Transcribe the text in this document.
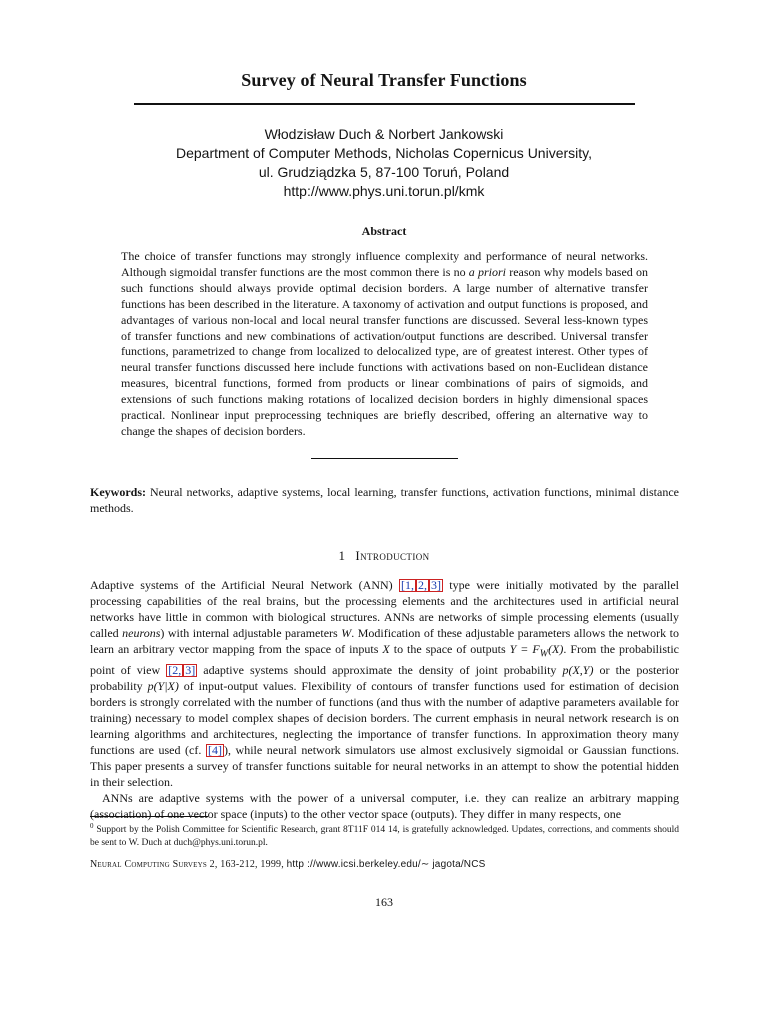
Survey of Neural Transfer Functions
Włodzisław Duch & Norbert Jankowski
Department of Computer Methods, Nicholas Copernicus University,
ul. Grudziądzka 5, 87-100 Toruń, Poland
http://www.phys.uni.torun.pl/kmk
Abstract

The choice of transfer functions may strongly influence complexity and performance of neural networks. Although sigmoidal transfer functions are the most common there is no a priori reason why models based on such functions should always provide optimal decision borders. A large number of alternative transfer functions has been described in the literature. A taxonomy of activation and output functions is proposed, and advantages of various non-local and local neural transfer functions are discussed. Several less-known types of transfer functions and new combinations of activation/output functions are described. Universal transfer functions, parametrized to change from localized to delocalized type, are of greatest interest. Other types of neural transfer functions discussed here include functions with activations based on non-Euclidean distance measures, bicentral functions, formed from products or linear combinations of pairs of sigmoids, and extensions of such functions making rotations of localized decision borders in highly dimensional spaces practical. Nonlinear input preprocessing techniques are briefly described, offering an alternative way to change the shapes of decision borders.

Keywords: Neural networks, adaptive systems, local learning, transfer functions, activation functions, minimal distance methods.

1 Introduction

Adaptive systems of the Artificial Neural Network (ANN) [1, 2, 3] type were initially motivated by the parallel processing capabilities of the real brains, but the processing elements and the architectures used in artificial neural networks have little in common with biological structures. ANNs are networks of simple processing elements (usually called neurons) with internal adjustable parameters W. Modification of these adjustable parameters allows the network to learn an arbitrary vector mapping from the space of inputs X to the space of outputs $Y = F_W(X)$. From the probabilistic point of view [2, 3] adaptive systems should approximate the density of joint probability p(X,Y) or the posterior probability p(Y|X) of input-output values. Flexibility of contours of transfer functions used for estimation of decision borders is strongly correlated with the number of functions (and thus with the number of adaptive parameters available for training) necessary to model complex shapes of decision borders. The current emphasis in neural network research is on learning algorithms and architectures, neglecting the importance of transfer functions. In approximation theory many functions are used (cf. [4] ), while neural network simulators use almost exclusively sigmoidal or Gaussian functions. This paper presents a survey of transfer functions suitable for neural networks in an attempt to show the potential hidden in their selection.

ANNs are adaptive systems with the power of a universal computer, i.e. they can realize an arbitrary mapping (association) of one vector space (inputs) to the other vector space (outputs). They differ in many respects, one

$^0$ Support by the Polish Committee for Scientific Research, grant 8T11F 014 14, is gratefully acknowledged. Updates, corrections, and comments should be sent to W. Duch at duch@phys.uni.torun.pl.

Neural Computing Surveys 2, 163-212, 1999, http ://www.icsi.berkeley.edu/∼ jagota/NCS
163
